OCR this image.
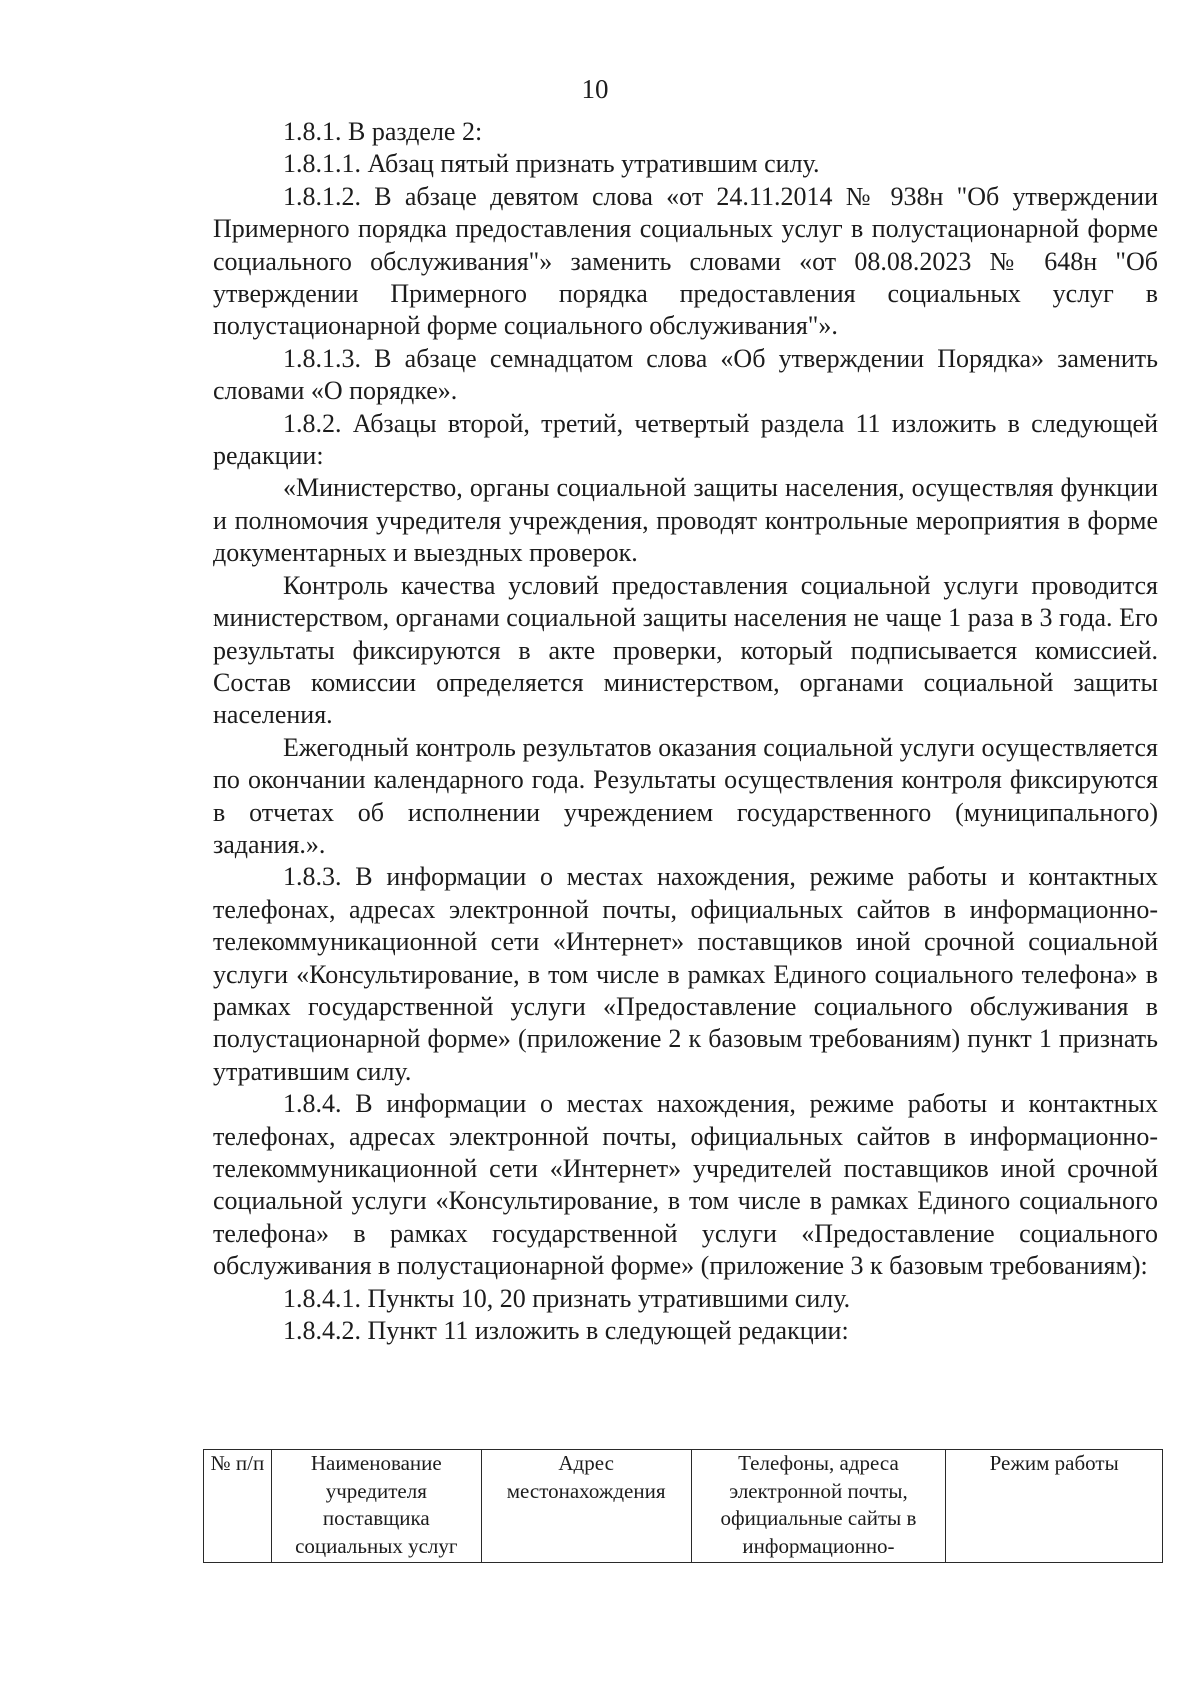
10

1.8.1. В разделе 2:

1.8.1.1. Абзац пятый признать утратившим силу.

1.8.1.2. В абзаце девятом слова «от 24.11.2014 № 938н "Об утверждении Примерного порядка предоставления социальных услуг в полустационарной форме социального обслуживания"» заменить словами «от 08.08.2023 № 648н "Об утверждении Примерного порядка предоставления социальных услуг в полустационарной форме социального обслуживания"».

1.8.1.3. В абзаце семнадцатом слова «Об утверждении Порядка» заменить словами «О порядке».

1.8.2. Абзацы второй, третий, четвертый раздела 11 изложить в следующей редакции:

«Министерство, органы социальной защиты населения, осуществляя функции и полномочия учредителя учреждения, проводят контрольные мероприятия в форме документарных и выездных проверок.

Контроль качества условий предоставления социальной услуги проводится министерством, органами социальной защиты населения не чаще 1 раза в 3 года. Его результаты фиксируются в акте проверки, который подписывается комиссией. Состав комиссии определяется министерством, органами социальной защиты населения.

Ежегодный контроль результатов оказания социальной услуги осуществляется по окончании календарного года. Результаты осуществления контроля фиксируются в отчетах об исполнении учреждением государственного (муниципального) задания.».

1.8.3. В информации о местах нахождения, режиме работы и контактных телефонах, адресах электронной почты, официальных сайтов в информационно-телекоммуникационной сети «Интернет» поставщиков иной срочной социальной услуги «Консультирование, в том числе в рамках Единого социального телефона» в рамках государственной услуги «Предоставление социального обслуживания в полустационарной форме» (приложение 2 к базовым требованиям) пункт 1 признать утратившим силу.

1.8.4. В информации о местах нахождения, режиме работы и контактных телефонах, адресах электронной почты, официальных сайтов в информационно-телекоммуникационной сети «Интернет» учредителей поставщиков иной срочной социальной услуги «Консультирование, в том числе в рамках Единого социального телефона» в рамках государственной услуги «Предоставление социального обслуживания в полустационарной форме» (приложение 3 к базовым требованиям):

1.8.4.1. Пункты 10, 20 признать утратившими силу.

1.8.4.2. Пункт 11 изложить в следующей редакции:

№ п/п	Наименование учредителя поставщика социальных услуг	Адрес местонахождения	Телефоны, адреса электронной почты, официальные сайты в информационно-	Режим работы
